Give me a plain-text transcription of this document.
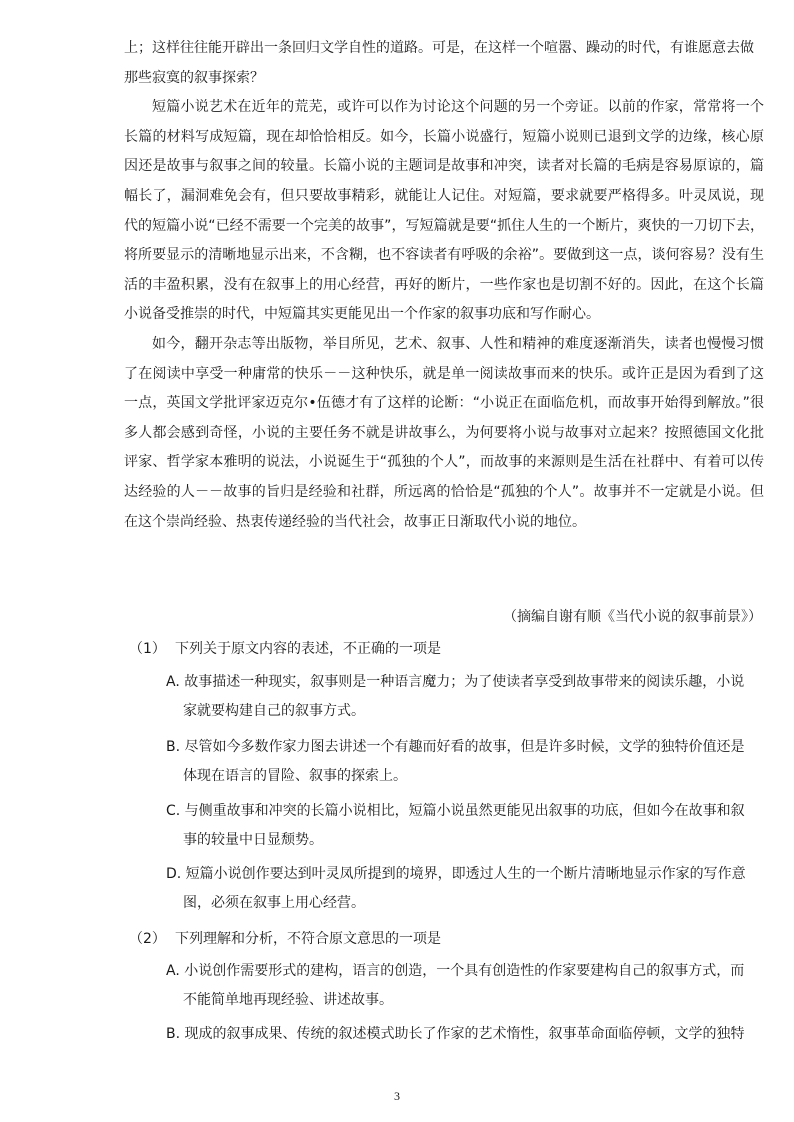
上；这样往往能开辟出一条回归文学自性的道路。可是，在这样一个喧嚣、躁动的时代，有谁愿意去做
那些寂寞的叙事探索？

短篇小说艺术在近年的荒芜，或许可以作为讨论这个问题的另一个旁证。以前的作家，常常将一个长篇的材料写成短篇，现在却恰恰相反。如今，长篇小说盛行，短篇小说则已退到文学的边缘，核心原因还是故事与叙事之间的较量。长篇小说的主题词是故事和冲突，读者对长篇的毛病是容易原谅的，篇幅长了，漏洞难免会有，但只要故事精彩，就能让人记住。对短篇，要求就要严格得多。叶灵凤说，现代的短篇小说“已经不需要一个完美的故事”，写短篇就是要“抓住人生的一个断片，爽快的一刀切下去，将所要显示的清晰地显示出来，不含糊，也不容读者有呼吸的余裕”。要做到这一点，谈何容易？没有生活的丰盈积累，没有在叙事上的用心经营，再好的断片，一些作家也是切割不好的。因此，在这个长篇小说备受推崇的时代，中短篇其实更能见出一个作家的叙事功底和写作耐心。

如今，翻开杂志等出版物，举目所见，艺术、叙事、人性和精神的难度逐渐消失，读者也慢慢习惯了在阅读中享受一种庸常的快乐－－这种快乐，就是单一阅读故事而来的快乐。或许正是因为看到了这一点，英国文学批评家迈克尔•伍德才有了这样的论断：“小说正在面临危机，而故事开始得到解放。”很多人都会感到奇怪，小说的主要任务不就是讲故事么，为何要将小说与故事对立起来？按照德国文化批评家、哲学家本雅明的说法，小说诞生于“孤独的个人”，而故事的来源则是生活在社群中、有着可以传达经验的人－－故事的旨归是经验和社群，所远离的恰恰是“孤独的个人”。故事并不一定就是小说。但在这个崇尚经验、热衷传递经验的当代社会，故事正日渐取代小说的地位。

（摘编自谢有顺《当代小说的叙事前景》）
（1） 下列关于原文内容的表述，不正确的一项是
A. 故事描述一种现实，叙事则是一种语言魔力；为了使读者享受到故事带来的阅读乐趣，小说
家就要构建自己的叙事方式。
B. 尽管如今多数作家力图去讲述一个有趣而好看的故事，但是许多时候，文学的独特价值还是
体现在语言的冒险、叙事的探索上。
C. 与侧重故事和冲突的长篇小说相比，短篇小说虽然更能见出叙事的功底，但如今在故事和叙
事的较量中日显颓势。
D. 短篇小说创作要达到叶灵凤所提到的境界，即透过人生的一个断片清晰地显示作家的写作意
图，必须在叙事上用心经营。
（2） 下列理解和分析，不符合原文意思的一项是
A. 小说创作需要形式的建构，语言的创造，一个具有创造性的作家要建构自己的叙事方式，而
不能简单地再现经验、讲述故事。
B. 现成的叙事成果、传统的叙述模式助长了作家的艺术惰性，叙事革命面临停顿，文学的独特
3
